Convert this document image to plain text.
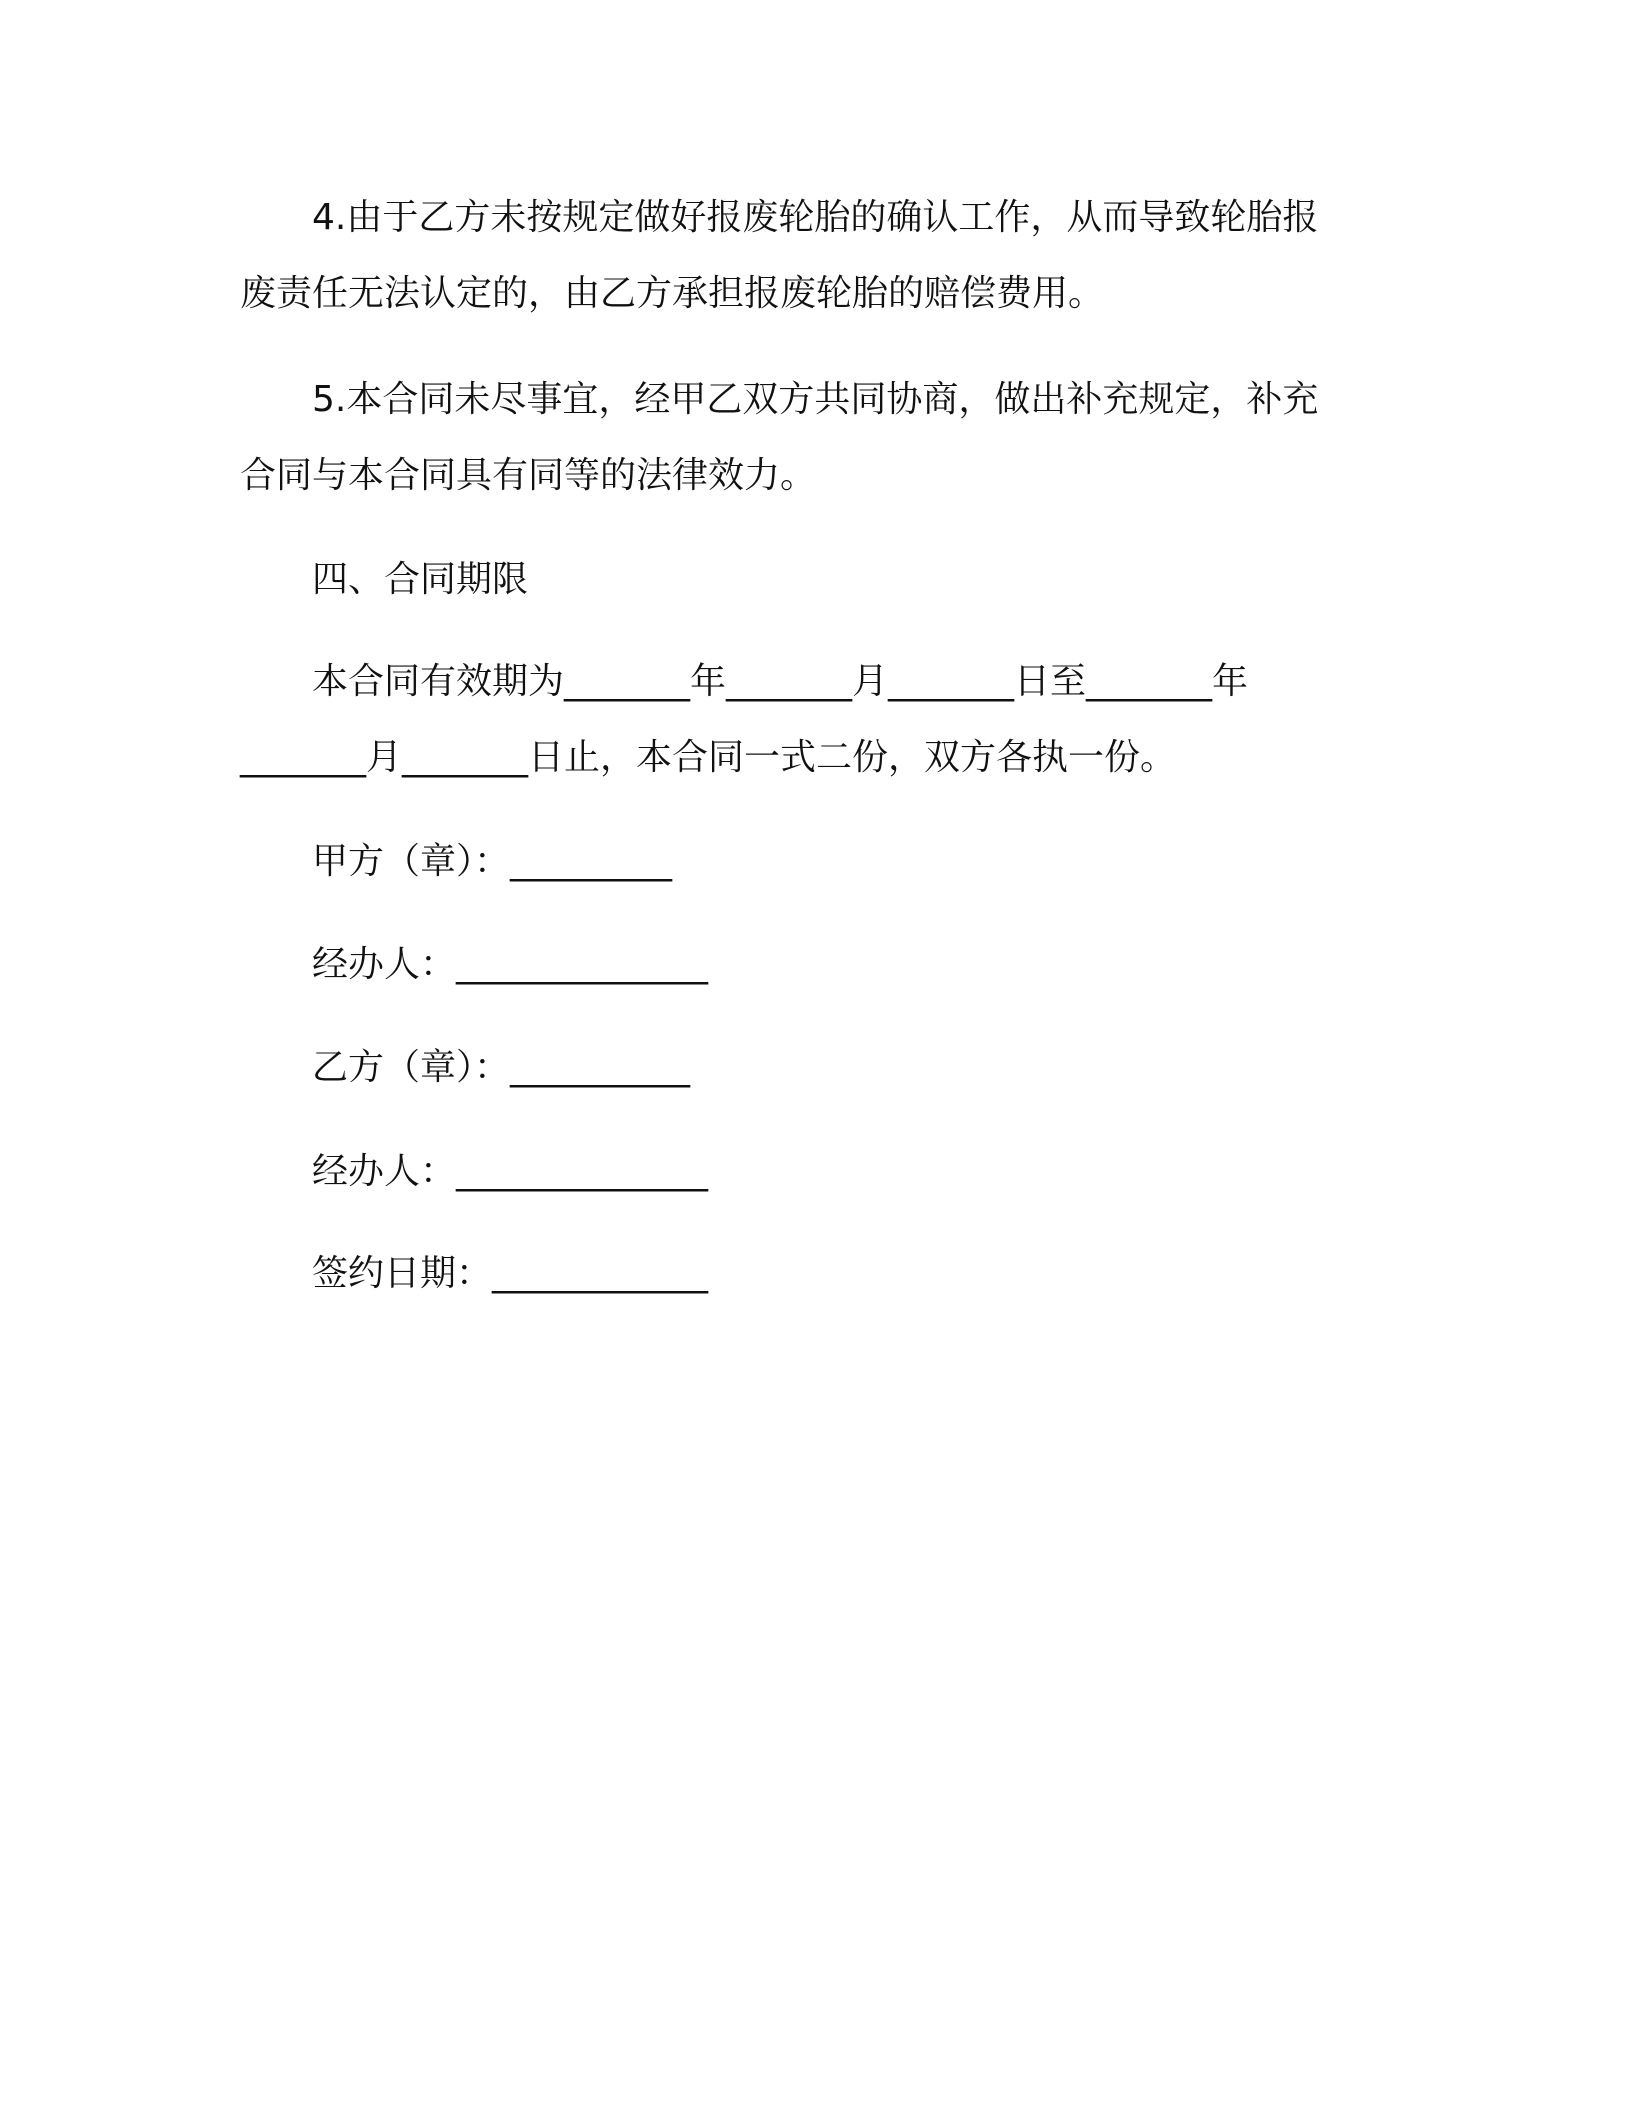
4.由于乙方未按规定做好报废轮胎的确认工作，从而导致轮胎报
废责任无法认定的，由乙方承担报废轮胎的赔偿费用。
5.本合同未尽事宜，经甲乙双方共同协商，做出补充规定，补充
合同与本合同具有同等的法律效力。
四、合同期限
本合同有效期为_______年_______月_______日至_______年
_______月_______日止，本合同一式二份，双方各执一份。
甲方（章）：_________
经办人：______________
乙方（章）：__________
经办人：______________
签约日期：____________
